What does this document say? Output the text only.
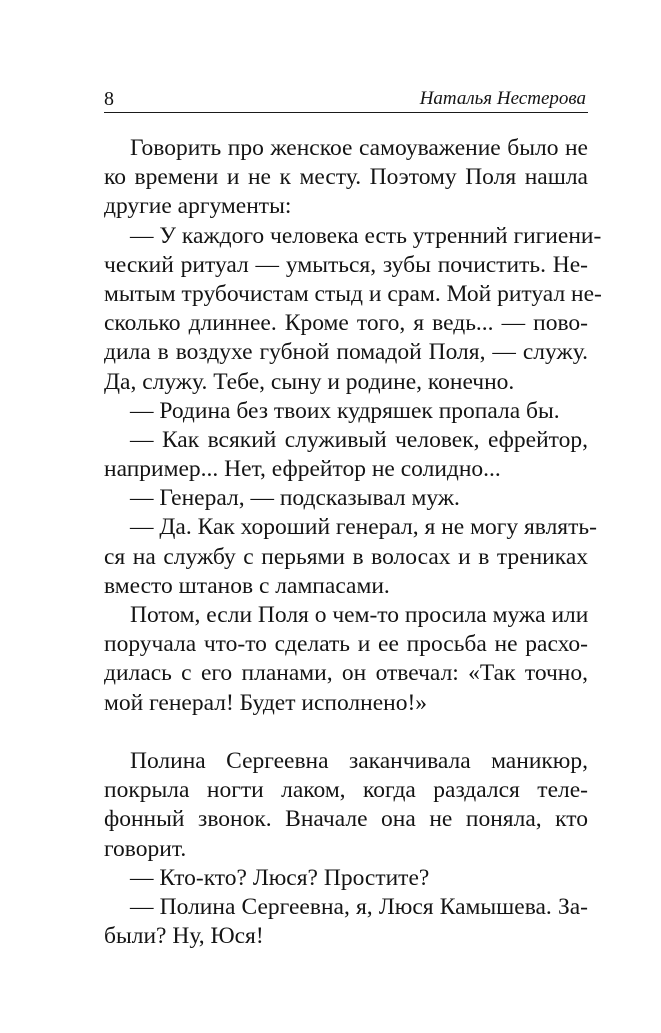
8	Наталья Нестерова
Говорить про женское самоуважение было не
ко времени и не к месту. Поэтому Поля нашла
другие аргументы:
— У каждого человека есть утренний гигиени-
ческий ритуал — умыться, зубы почистить. Не-
мытым трубочистам стыд и срам. Мой ритуал не-
сколько длиннее. Кроме того, я ведь... — пово-
дила в воздухе губной помадой Поля, — служу.
Да, служу. Тебе, сыну и родине, конечно.
— Родина без твоих кудряшек пропала бы.
— Как всякий служивый человек, ефрейтор,
например... Нет, ефрейтор не солидно...
— Генерал, — подсказывал муж.
— Да. Как хороший генерал, я не могу являть-
ся на службу с перьями в волосах и в трениках
вместо штанов с лампасами.
Потом, если Поля о чем-то просила мужа или
поручала что-то сделать и ее просьба не расхо-
дилась с его планами, он отвечал: «Так точно,
мой генерал! Будет исполнено!»
Полина Сергеевна заканчивала маникюр,
покрыла ногти лаком, когда раздался теле-
фонный звонок. Вначале она не поняла, кто
говорит.
— Кто-кто? Люся? Простите?
— Полина Сергеевна, я, Люся Камышева. За-
были? Ну, Юся!
